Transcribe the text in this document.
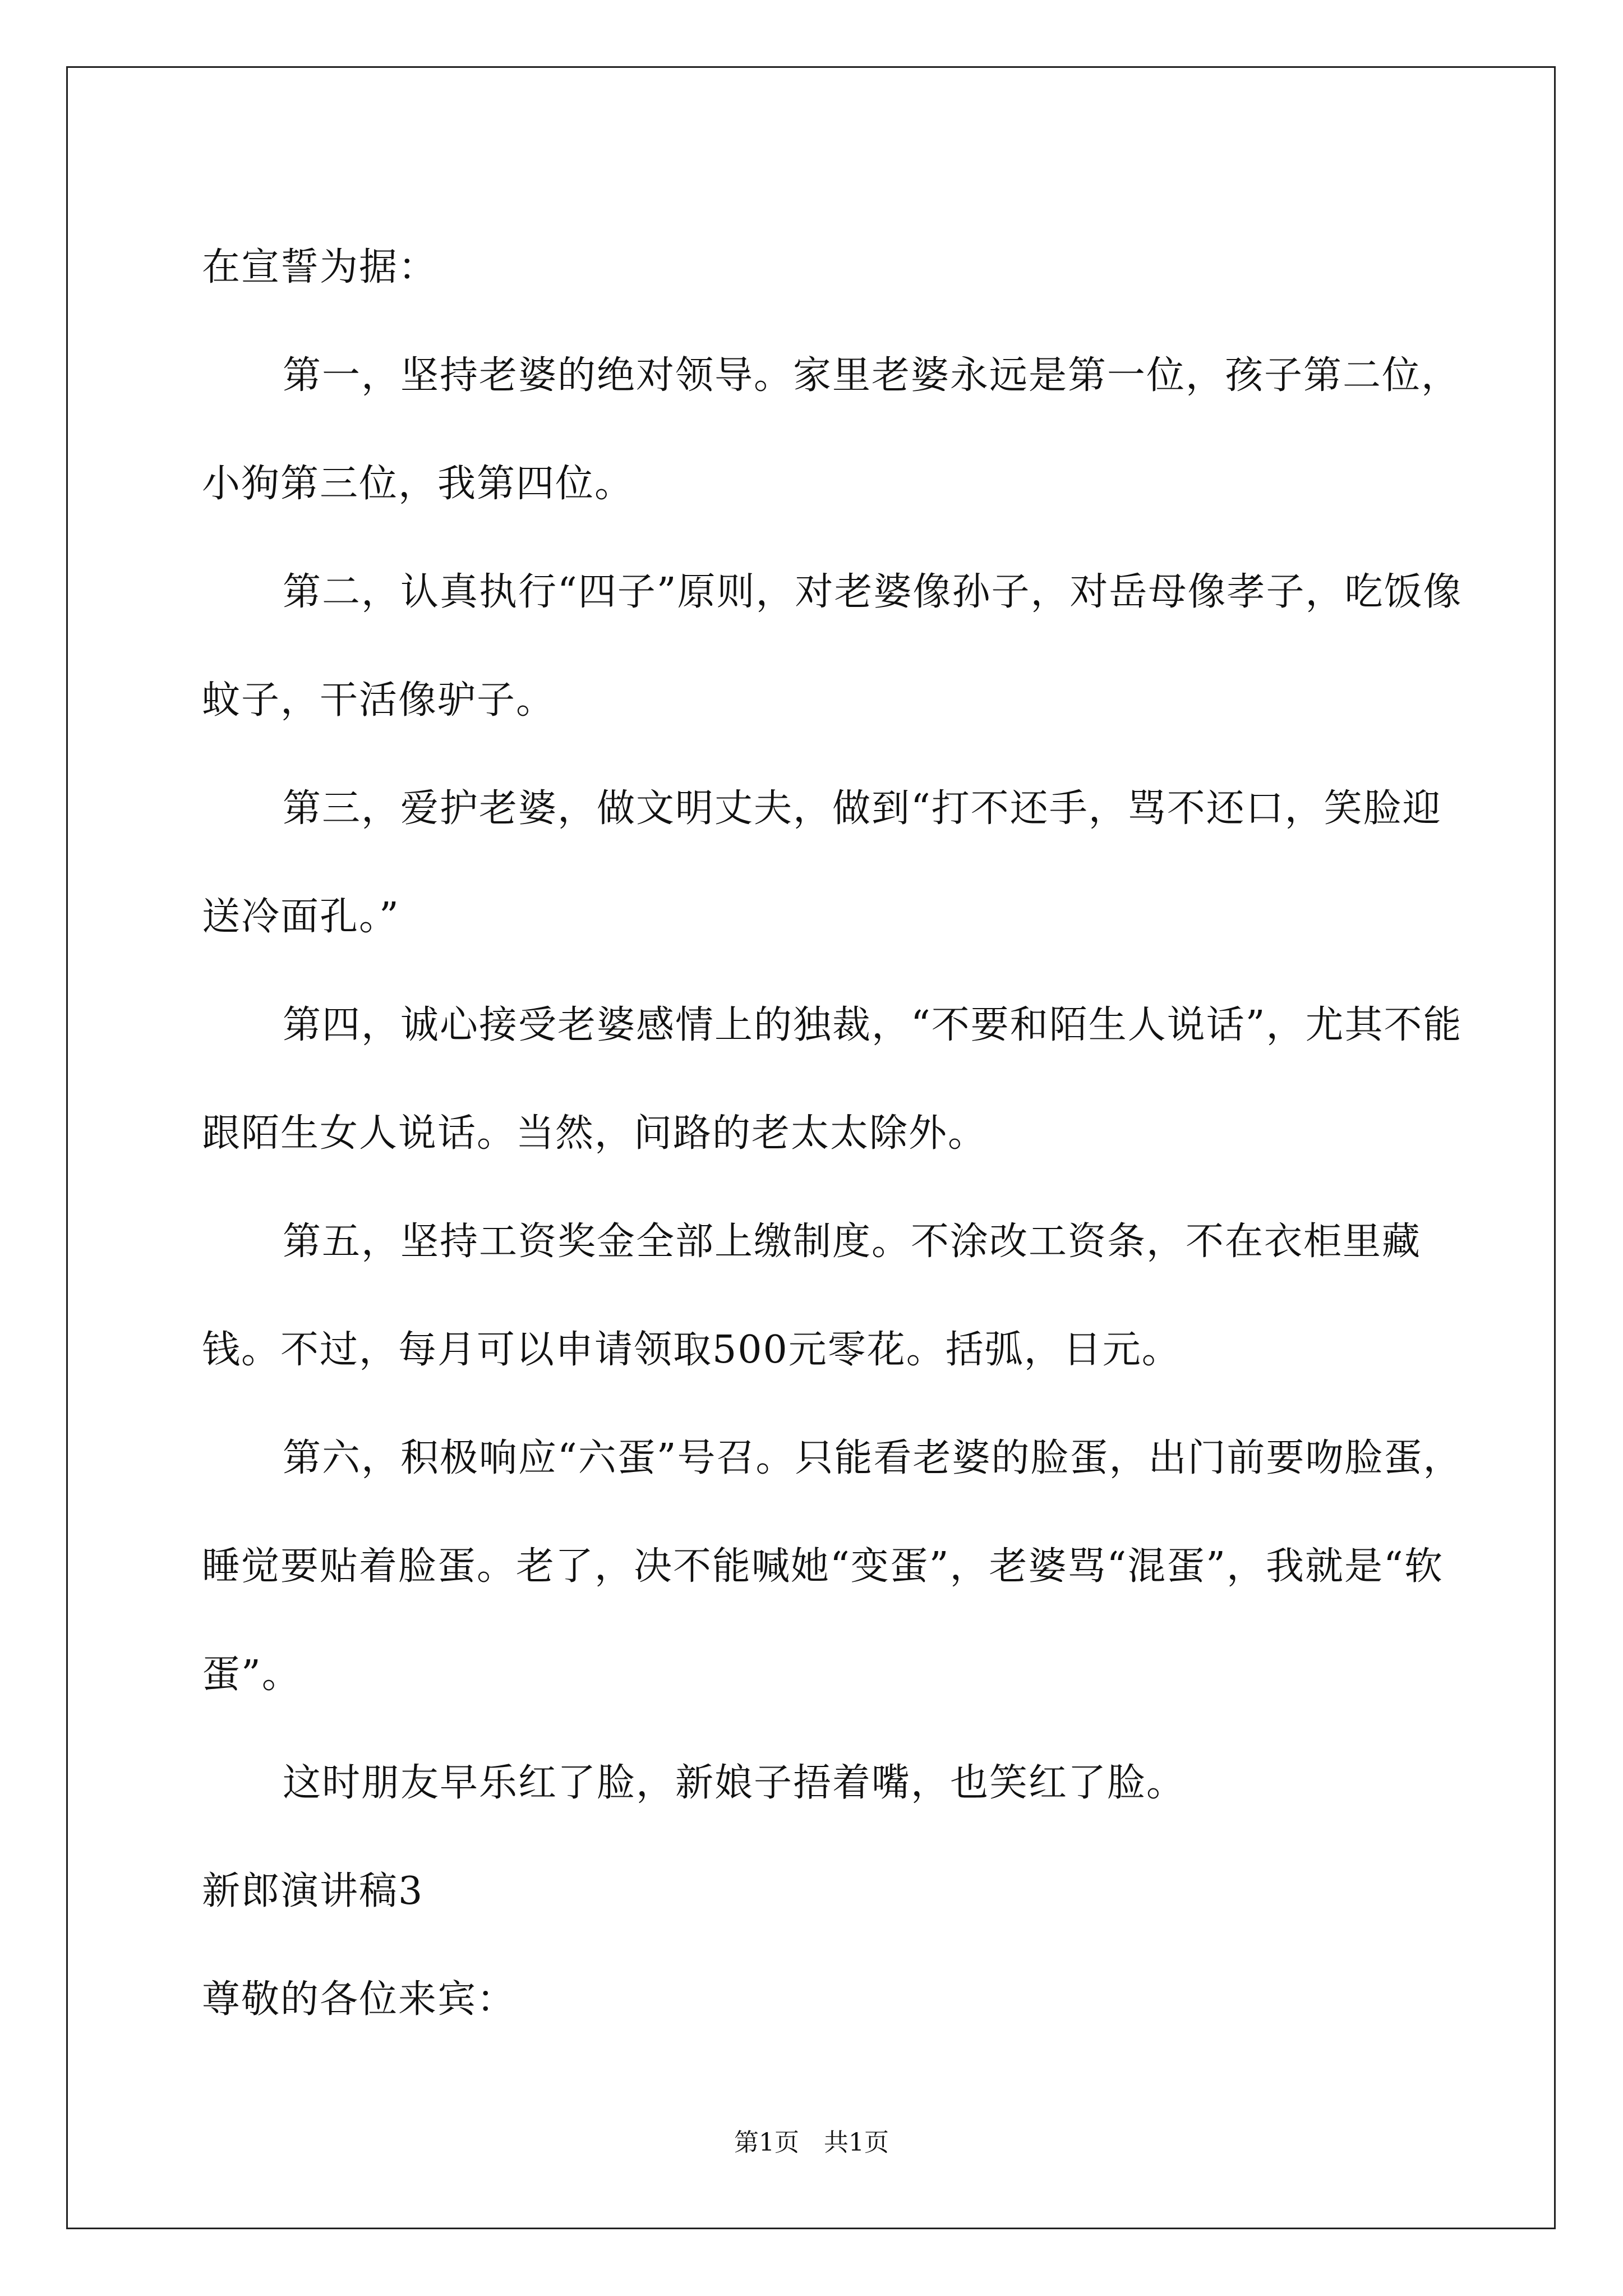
在宣誓为据：

第一，坚持老婆的绝对领导。家里老婆永远是第一位，孩子第二位，小狗第三位，我第四位。

第二，认真执行“四子”原则，对老婆像孙子，对岳母像孝子，吃饭像蚊子，干活像驴子。

第三，爱护老婆，做文明丈夫，做到“打不还手，骂不还口，笑脸迎送冷面孔。”

第四，诚心接受老婆感情上的独裁，“不要和陌生人说话”，尤其不能跟陌生女人说话。当然，问路的老太太除外。

第五，坚持工资奖金全部上缴制度。不涂改工资条，不在衣柜里藏钱。不过，每月可以申请领取500元零花。括弧，日元。

第六，积极响应“六蛋”号召。只能看老婆的脸蛋，出门前要吻脸蛋，睡觉要贴着脸蛋。老了，决不能喊她“变蛋”，老婆骂“混蛋”，我就是“软蛋”。

这时朋友早乐红了脸，新娘子捂着嘴，也笑红了脸。

新郎演讲稿3

尊敬的各位来宾：

第1页　共1页
